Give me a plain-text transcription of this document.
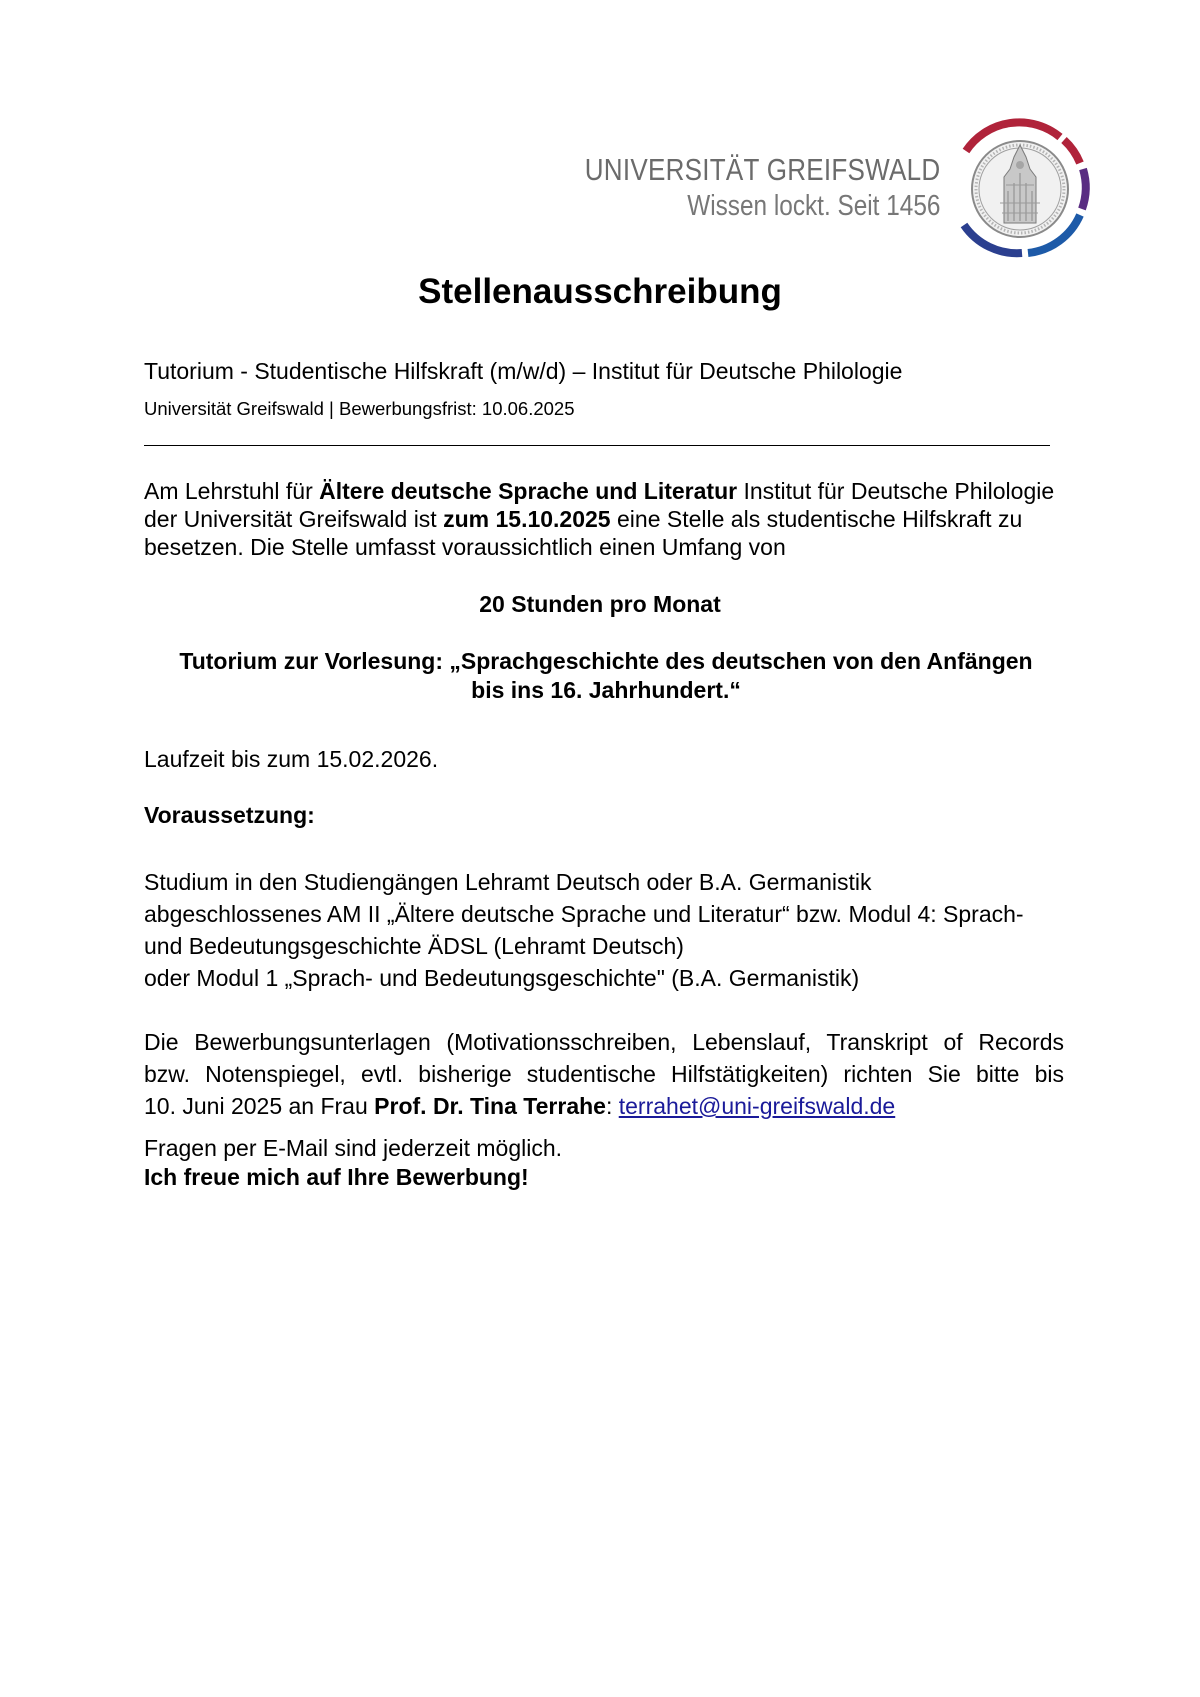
UNIVERSITÄT GREIFSWALD

Wissen lockt. Seit 1456

Stellenausschreibung

Tutorium - Studentische Hilfskraft (m/w/d) – Institut für Deutsche Philologie

Universität Greifswald | Bewerbungsfrist: 10.06.2025

Am Lehrstuhl für Ältere deutsche Sprache und Literatur Institut für Deutsche Philologie der Universität Greifswald ist zum 15.10.2025 eine Stelle als studentische Hilfskraft zu besetzen. Die Stelle umfasst voraussichtlich einen Umfang von

20 Stunden pro Monat

Tutorium zur Vorlesung: „Sprachgeschichte des deutschen von den Anfängen
bis ins 16. Jahrhundert.“

Laufzeit bis zum 15.02.2026.

Voraussetzung:

Studium in den Studiengängen Lehramt Deutsch oder B.A. Germanistik
abgeschlossenes AM II „Ältere deutsche Sprache und Literatur“ bzw. Modul 4: Sprach-
und Bedeutungsgeschichte ÄDSL (Lehramt Deutsch)
oder Modul 1 „Sprach- und Bedeutungsgeschichte" (B.A. Germanistik)

Die Bewerbungsunterlagen (Motivationsschreiben, Lebenslauf, Transkript of Records
bzw. Notenspiegel, evtl. bisherige studentische Hilfstätigkeiten) richten Sie bitte bis
10. Juni 2025 an Frau Prof. Dr. Tina Terrahe: terrahet@uni-greifswald.de

Fragen per E-Mail sind jederzeit möglich.

Ich freue mich auf Ihre Bewerbung!
